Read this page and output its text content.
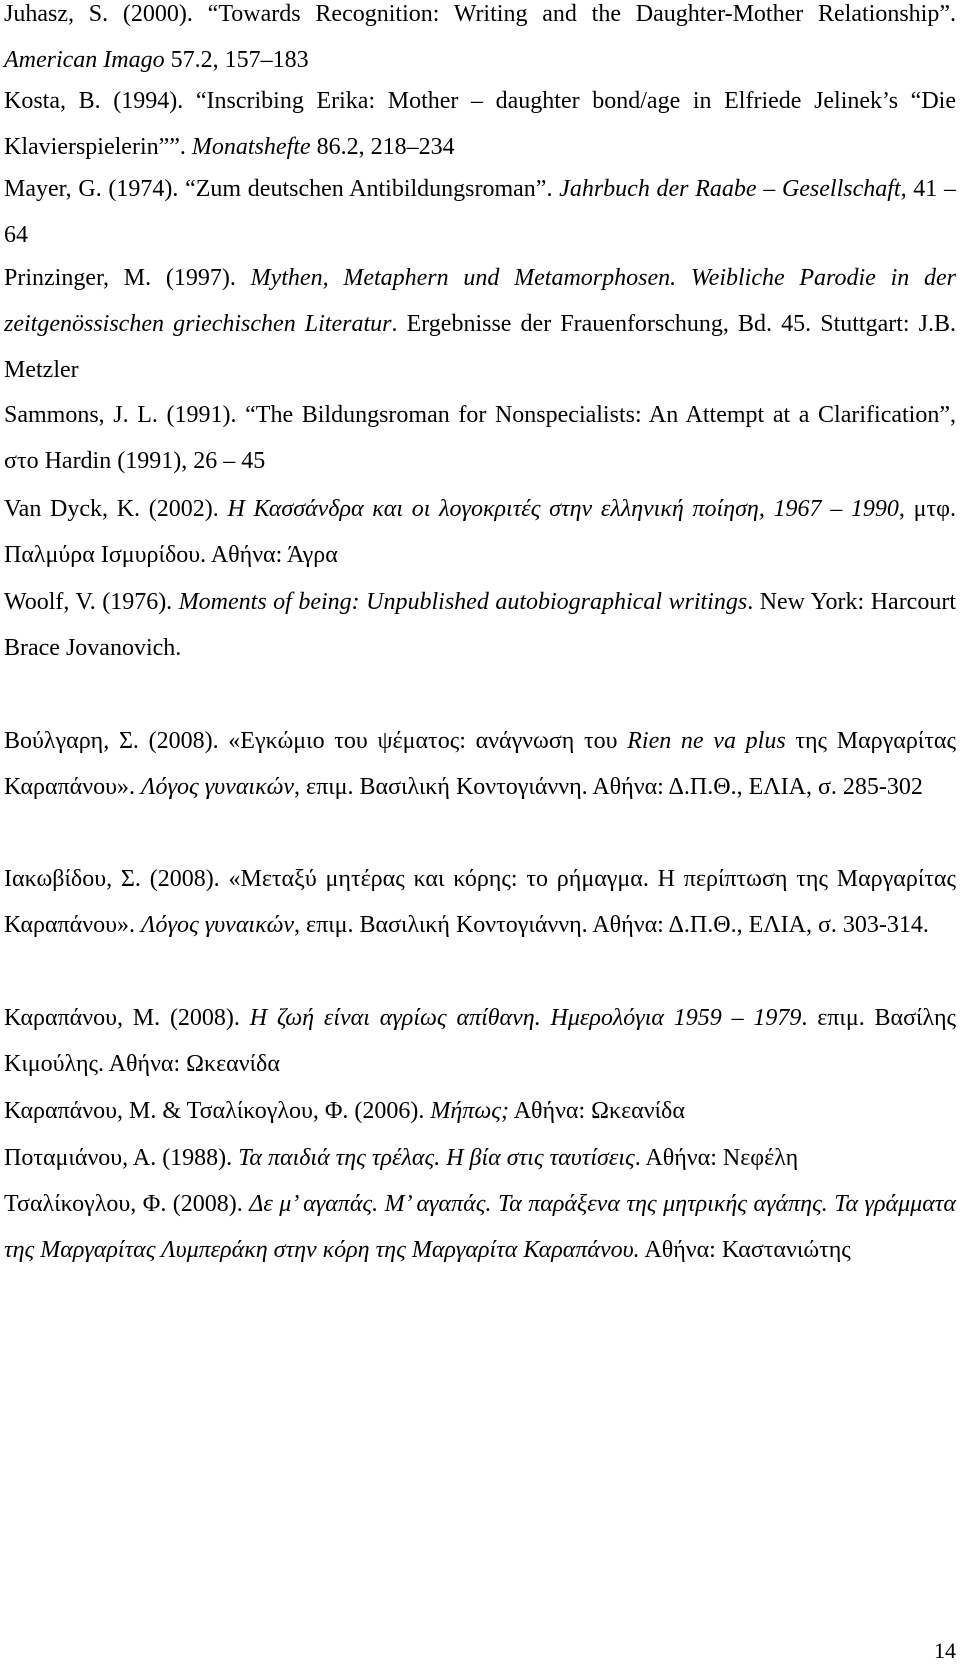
Juhasz, S. (2000). “Towards Recognition: Writing and the Daughter-Mother Relationship”. American Imago 57.2, 157–183

Kosta, B. (1994). “Inscribing Erika: Mother – daughter bond/age in Elfriede Jelinek’s “Die Klavierspielerin””. Monatshefte 86.2, 218–234

Mayer, G. (1974). “Zum deutschen Antibildungsroman”. Jahrbuch der Raabe – Gesellschaft, 41 – 64

Prinzinger, M. (1997). Mythen, Metaphern und Metamorphosen. Weibliche Parodie in der zeitgenössischen griechischen Literatur. Ergebnisse der Frauenforschung, Bd. 45. Stuttgart: J.B. Metzler

Sammons, J. L. (1991). “The Bildungsroman for Nonspecialists: An Attempt at a Clarification”, στο Hardin (1991), 26 – 45

Van Dyck, K. (2002). Η Κασσάνδρα και οι λογοκριτές στην ελληνική ποίηση, 1967 – 1990, μτφ. Παλμύρα Ισμυρίδου. Αθήνα: Άγρα

Woolf, V. (1976). Moments of being: Unpublished autobiographical writings. New York: Harcourt Brace Jovanovich.

Βούλγαρη, Σ. (2008). «Εγκώμιο του ψέματος: ανάγνωση του Rien ne va plus της Μαργαρίτας Καραπάνου». Λόγος γυναικών, επιμ. Βασιλική Κοντογιάννη. Αθήνα: Δ.Π.Θ., ΕΛΙΑ, σ. 285-302

Ιακωβίδου, Σ. (2008). «Μεταξύ μητέρας και κόρης: το ρήμαγμα. Η περίπτωση της Μαργαρίτας Καραπάνου». Λόγος γυναικών, επιμ. Βασιλική Κοντογιάννη. Αθήνα: Δ.Π.Θ., ΕΛΙΑ, σ. 303-314.

Καραπάνου, Μ. (2008). Η ζωή είναι αγρίως απίθανη. Ημερολόγια 1959 – 1979. επιμ. Βασίλης Κιμούλης. Αθήνα: Ωκεανίδα

Καραπάνου, Μ. & Τσαλίκογλου, Φ. (2006). Μήπως; Αθήνα: Ωκεανίδα

Ποταμιάνου, Α. (1988). Τα παιδιά της τρέλας. Η βία στις ταυτίσεις. Αθήνα: Νεφέλη

Τσαλίκογλου, Φ. (2008). Δε μ’ αγαπάς. Μ’ αγαπάς. Τα παράξενα της μητρικής αγάπης. Τα γράμματα της Μαργαρίτας Λυμπεράκη στην κόρη της Μαργαρίτα Καραπάνου. Αθήνα: Καστανιώτης

14
